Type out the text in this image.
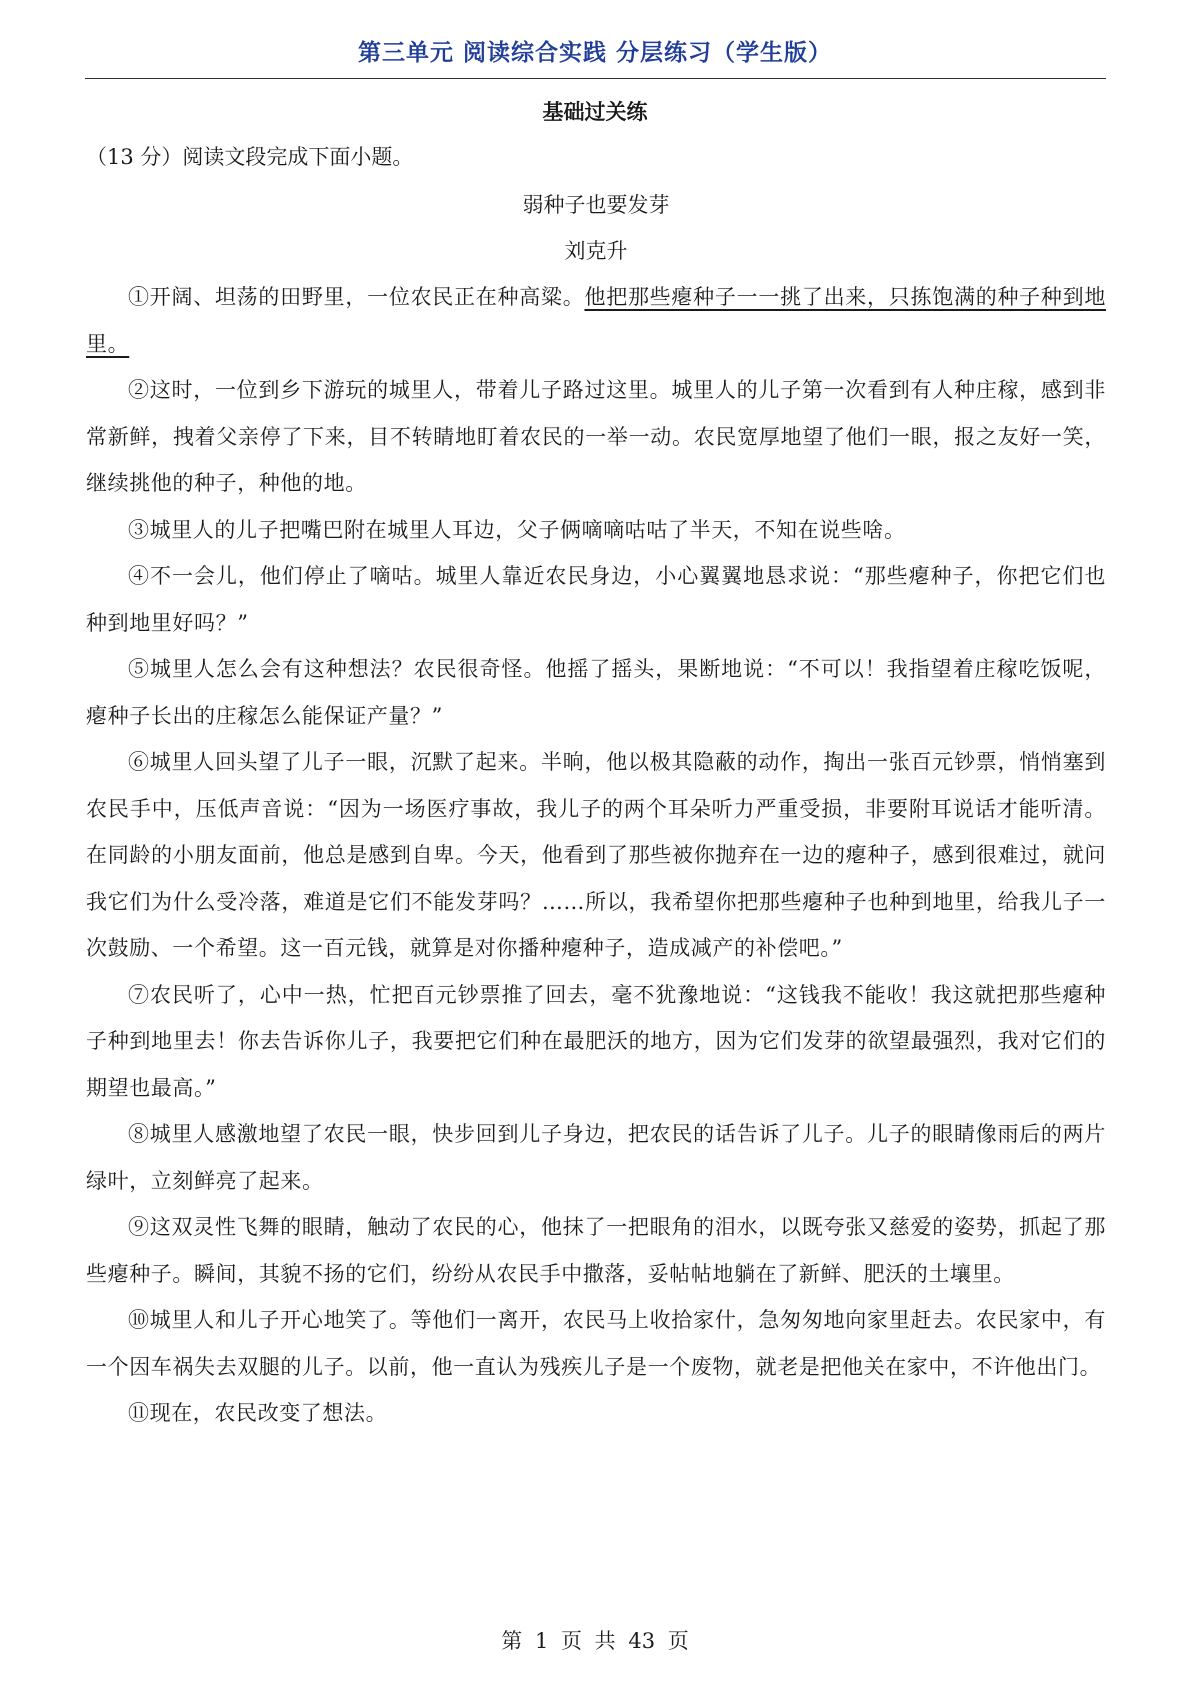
第三单元 阅读综合实践 分层练习（学生版）
基础过关练
（13 分）阅读文段完成下面小题。
弱种子也要发芽
刘克升

①开阔、坦荡的田野里，一位农民正在种高粱。他把那些瘪种子一一挑了出来，只拣饱满的种子种到地里。

②这时，一位到乡下游玩的城里人，带着儿子路过这里。城里人的儿子第一次看到有人种庄稼，感到非常新鲜，拽着父亲停了下来，目不转睛地盯着农民的一举一动。农民宽厚地望了他们一眼，报之友好一笑，继续挑他的种子，种他的地。

③城里人的儿子把嘴巴附在城里人耳边，父子俩嘀嘀咕咕了半天，不知在说些啥。

④不一会儿，他们停止了嘀咕。城里人靠近农民身边，小心翼翼地恳求说：“那些瘪种子，你把它们也种到地里好吗？”

⑤城里人怎么会有这种想法？农民很奇怪。他摇了摇头，果断地说：“不可以！我指望着庄稼吃饭呢，瘪种子长出的庄稼怎么能保证产量？”

⑥城里人回头望了儿子一眼，沉默了起来。半晌，他以极其隐蔽的动作，掏出一张百元钞票，悄悄塞到农民手中，压低声音说：“因为一场医疗事故，我儿子的两个耳朵听力严重受损，非要附耳说话才能听清。在同龄的小朋友面前，他总是感到自卑。今天，他看到了那些被你抛弃在一边的瘪种子，感到很难过，就问我它们为什么受冷落，难道是它们不能发芽吗？……所以，我希望你把那些瘪种子也种到地里，给我儿子一次鼓励、一个希望。这一百元钱，就算是对你播种瘪种子，造成减产的补偿吧。”

⑦农民听了，心中一热，忙把百元钞票推了回去，毫不犹豫地说：“这钱我不能收！我这就把那些瘪种子种到地里去！你去告诉你儿子，我要把它们种在最肥沃的地方，因为它们发芽的欲望最强烈，我对它们的期望也最高。”

⑧城里人感激地望了农民一眼，快步回到儿子身边，把农民的话告诉了儿子。儿子的眼睛像雨后的两片绿叶，立刻鲜亮了起来。

⑨这双灵性飞舞的眼睛，触动了农民的心，他抹了一把眼角的泪水，以既夸张又慈爱的姿势，抓起了那些瘪种子。瞬间，其貌不扬的它们，纷纷从农民手中撒落，妥帖帖地躺在了新鲜、肥沃的土壤里。

⑩城里人和儿子开心地笑了。等他们一离开，农民马上收拾家什，急匆匆地向家里赶去。农民家中，有一个因车祸失去双腿的儿子。以前，他一直认为残疾儿子是一个废物，就老是把他关在家中，不许他出门。

⑪现在，农民改变了想法。

第 1 页 共 43 页
